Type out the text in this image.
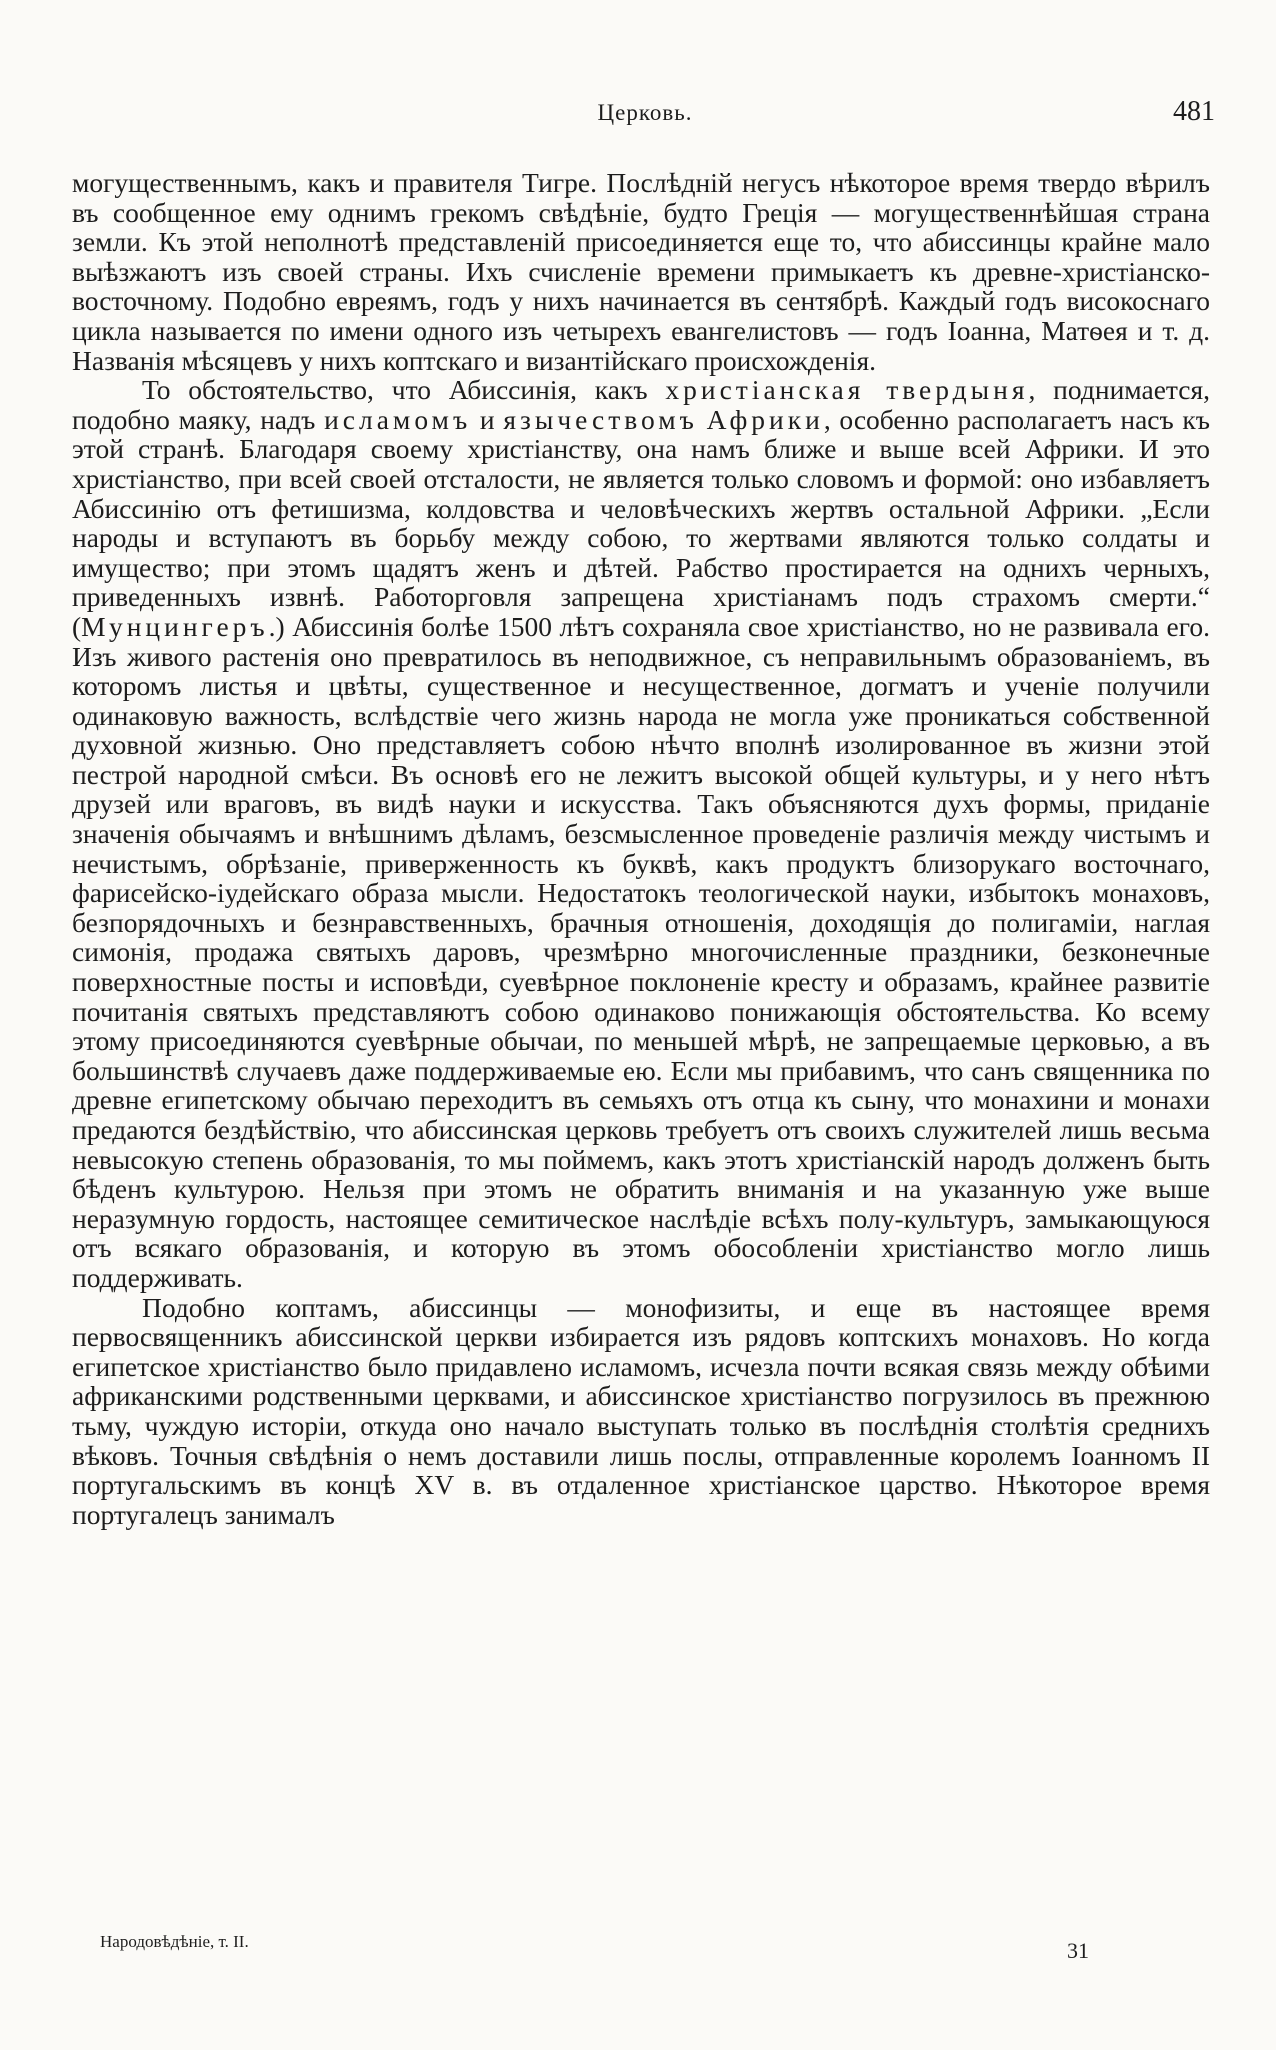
Церковь.	481

могущественнымъ, какъ и правителя Тигре. Послѣдній негусъ нѣкоторое время твердо вѣрилъ въ сообщенное ему однимъ грекомъ свѣдѣніе, будто Греція — могущественнѣйшая страна земли. Къ этой неполнотѣ представленій присоединяется еще то, что абиссинцы крайне мало выѣзжаютъ изъ своей страны. Ихъ счисленіе времени примыкаетъ къ древне-христіанско-восточному. Подобно евреямъ, годъ у нихъ начинается въ сентябрѣ. Каждый годъ високоснаго цикла называется по имени одного изъ четырехъ евангелистовъ — годъ Іоанна, Матѳея и т. д. Названія мѣсяцевъ у нихъ коптскаго и византійскаго происхожденія.

То обстоятельство, что Абиссинія, какъ христіанская твердыня, поднимается, подобно маяку, надъ исламомъ и язычествомъ Африки, особенно располагаетъ насъ къ этой странѣ. Благодаря своему христіанству, она намъ ближе и выше всей Африки. И это христіанство, при всей своей отсталости, не является только словомъ и формой: оно избавляетъ Абиссинію отъ фетишизма, колдовства и человѣческихъ жертвъ остальной Африки. „Если народы и вступаютъ въ борьбу между собою, то жертвами являются только солдаты и имущество; при этомъ щадятъ женъ и дѣтей. Рабство простирается на однихъ черныхъ, приведенныхъ извнѣ. Работорговля запрещена христіанамъ подъ страхомъ смерти.“ (Мунцингеръ.) Абиссинія болѣе 1500 лѣтъ сохраняла свое христіанство, но не развивала его. Изъ живого растенія оно превратилось въ неподвижное, съ неправильнымъ образованіемъ, въ которомъ листья и цвѣты, существенное и несущественное, догматъ и ученіе получили одинаковую важность, вслѣдствіе чего жизнь народа не могла уже проникаться собственной духовной жизнью. Оно представляетъ собою нѣчто вполнѣ изолированное въ жизни этой пестрой народной смѣси. Въ основѣ его не лежитъ высокой общей культуры, и у него нѣтъ друзей или враговъ, въ видѣ науки и искусства. Такъ объясняются духъ формы, приданіе значенія обычаямъ и внѣшнимъ дѣламъ, безсмысленное проведеніе различія между чистымъ и нечистымъ, обрѣзаніе, приверженность къ буквѣ, какъ продуктъ близорукаго восточнаго, фарисейско-іудейскаго образа мысли. Недостатокъ теологической науки, избытокъ монаховъ, безпорядочныхъ и безнравственныхъ, брачныя отношенія, доходящія до полигаміи, наглая симонія, продажа святыхъ даровъ, чрезмѣрно многочисленные праздники, безконечные поверхностные посты и исповѣди, суевѣрное поклоненіе кресту и образамъ, крайнее развитіе почитанія святыхъ представляютъ собою одинаково понижающія обстоятельства. Ко всему этому присоединяются суевѣрные обычаи, по меньшей мѣрѣ, не запрещаемые церковью, а въ большинствѣ случаевъ даже поддерживаемые ею. Если мы прибавимъ, что санъ священника по древне египетскому обычаю переходитъ въ семьяхъ отъ отца къ сыну, что монахини и монахи предаются бездѣйствію, что абиссинская церковь требуетъ отъ своихъ служителей лишь весьма невысокую степень образованія, то мы поймемъ, какъ этотъ христіанскій народъ долженъ быть бѣденъ культурою. Нельзя при этомъ не обратить вниманія и на указанную уже выше неразумную гордость, настоящее семитическое наслѣдіе всѣхъ полу-культуръ, замыкающуюся отъ всякаго образованія, и которую въ этомъ обособленіи христіанство могло лишь поддерживать.

Подобно коптамъ, абиссинцы — монофизиты, и еще въ настоящее время первосвященникъ абиссинской церкви избирается изъ рядовъ коптскихъ монаховъ. Но когда египетское христіанство было придавлено исламомъ, исчезла почти всякая связь между обѣими африканскими родственными церквами, и абиссинское христіанство погрузилось въ прежнюю тьму, чуждую исторіи, откуда оно начало выступать только въ послѣднія столѣтія среднихъ вѣковъ. Точныя свѣдѣнія о немъ доставили лишь послы, отправленные королемъ Іоанномъ II португальскимъ въ концѣ XV в. въ отдаленное христіанское царство. Нѣкоторое время португалецъ занималъ

Народовѣдѣніе, т. II.	31
